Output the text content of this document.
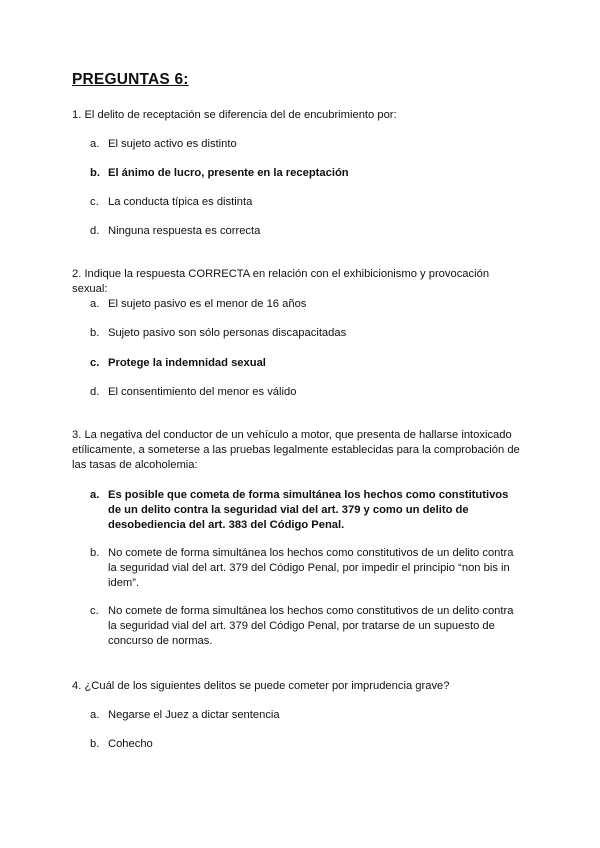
PREGUNTAS 6:

1. El delito de receptación se diferencia del de encubrimiento por:

a. El sujeto activo es distinto
b. El ánimo de lucro, presente en la receptación
c. La conducta típica es distinta
d. Ninguna respuesta es correcta

2. Indique la respuesta CORRECTA en relación con el exhibicionismo y provocación sexual:

a. El sujeto pasivo es el menor de 16 años
b. Sujeto pasivo son sólo personas discapacitadas
c. Protege la indemnidad sexual
d. El consentimiento del menor es válido

3. La negativa del conductor de un vehículo a motor, que presenta de hallarse intoxicado etílicamente, a someterse a las pruebas legalmente establecidas para la comprobación de las tasas de alcoholemia:

a. Es posible que cometa de forma simultánea los hechos como constitutivos de un delito contra la seguridad vial del art. 379 y como un delito de desobediencia del art. 383 del Código Penal.
b. No comete de forma simultánea los hechos como constitutivos de un delito contra la seguridad vial del art. 379 del Código Penal, por impedir el principio “non bis in idem”.
c. No comete de forma simultánea los hechos como constitutivos de un delito contra la seguridad vial del art. 379 del Código Penal, por tratarse de un supuesto de concurso de normas.

4. ¿Cuál de los siguientes delitos se puede cometer por imprudencia grave?

a. Negarse el Juez a dictar sentencia
b. Cohecho
